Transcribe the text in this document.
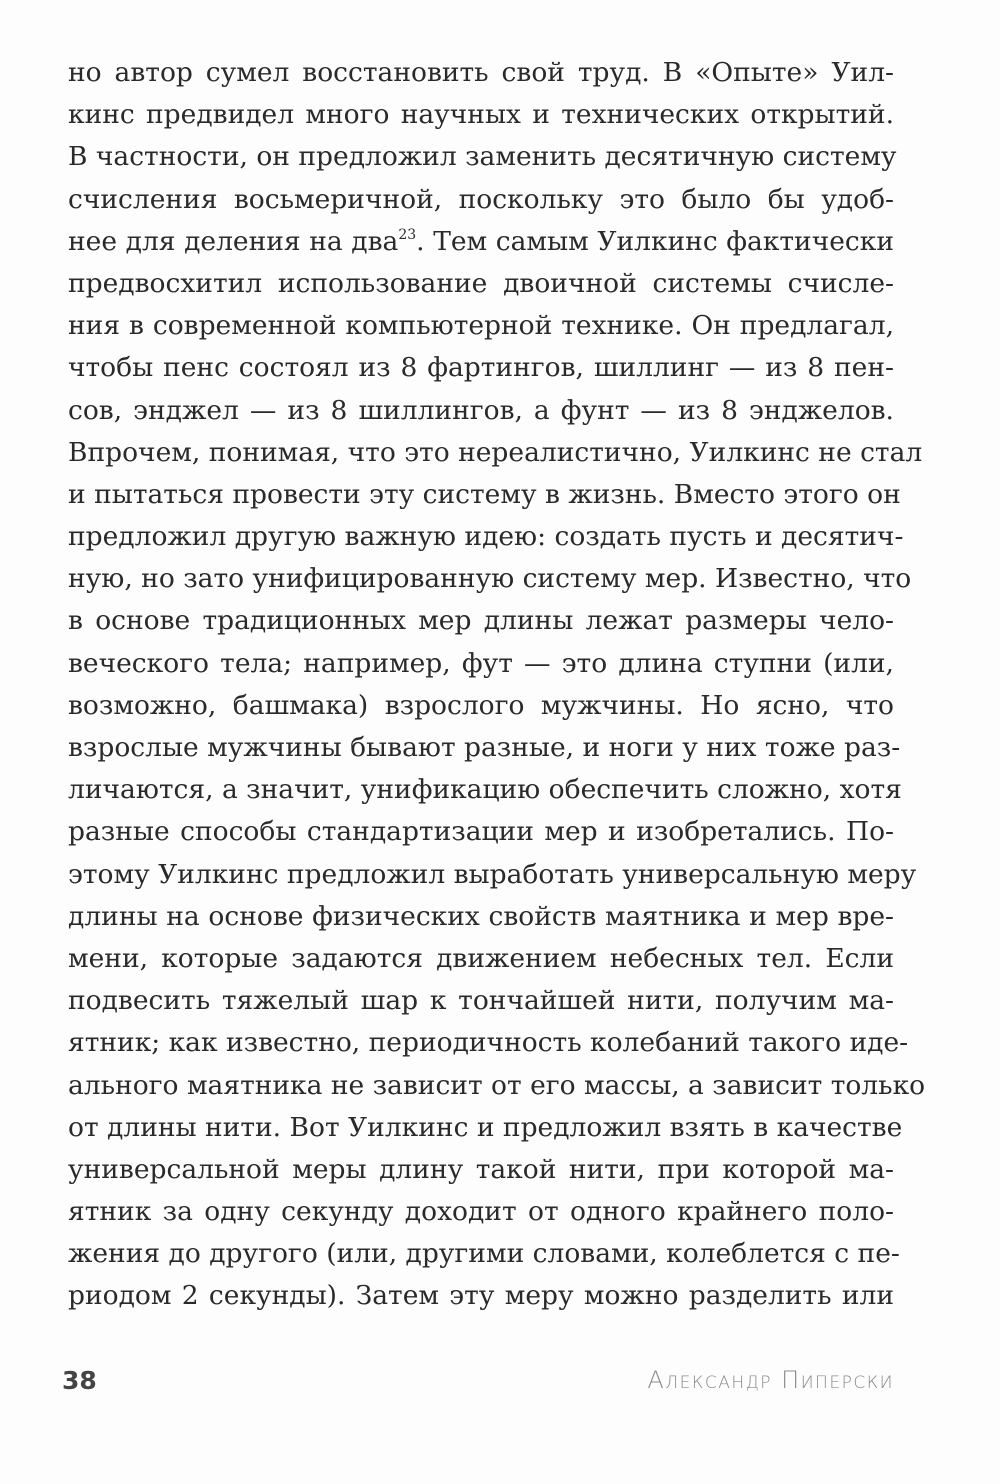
но автор сумел восстановить свой труд. В «Опыте» Уил-
кинс предвидел много научных и технических открытий.
В частности, он предложил заменить десятичную систему
счисления восьмеричной, поскольку это было бы удоб-
нее для деления на два$^{23}$. Тем самым Уилкинс фактически
предвосхитил использование двоичной системы счисле-
ния в современной компьютерной технике. Он предлагал,
чтобы пенс состоял из 8 фартингов, шиллинг — из 8 пен-
сов, энджел — из 8 шиллингов, а фунт — из 8 энджелов.
Впрочем, понимая, что это нереалистично, Уилкинс не стал
и пытаться провести эту систему в жизнь. Вместо этого он
предложил другую важную идею: создать пусть и десятич-
ную, но зато унифицированную систему мер. Известно, что
в основе традиционных мер длины лежат размеры чело-
веческого тела; например, фут — это длина ступни (или,
возможно, башмака) взрослого мужчины. Но ясно, что
взрослые мужчины бывают разные, и ноги у них тоже раз-
личаются, а значит, унификацию обеспечить сложно, хотя
разные способы стандартизации мер и изобретались. По-
этому Уилкинс предложил выработать универсальную меру
длины на основе физических свойств маятника и мер вре-
мени, которые задаются движением небесных тел. Если
подвесить тяжелый шар к тончайшей нити, получим ма-
ятник; как известно, периодичность колебаний такого иде-
ального маятника не зависит от его массы, а зависит только
от длины нити. Вот Уилкинс и предложил взять в качестве
универсальной меры длину такой нити, при которой ма-
ятник за одну секунду доходит от одного крайнего поло-
жения до другого (или, другими словами, колеблется с пе-
риодом 2 секунды). Затем эту меру можно разделить или
38	Александр Пиперски
